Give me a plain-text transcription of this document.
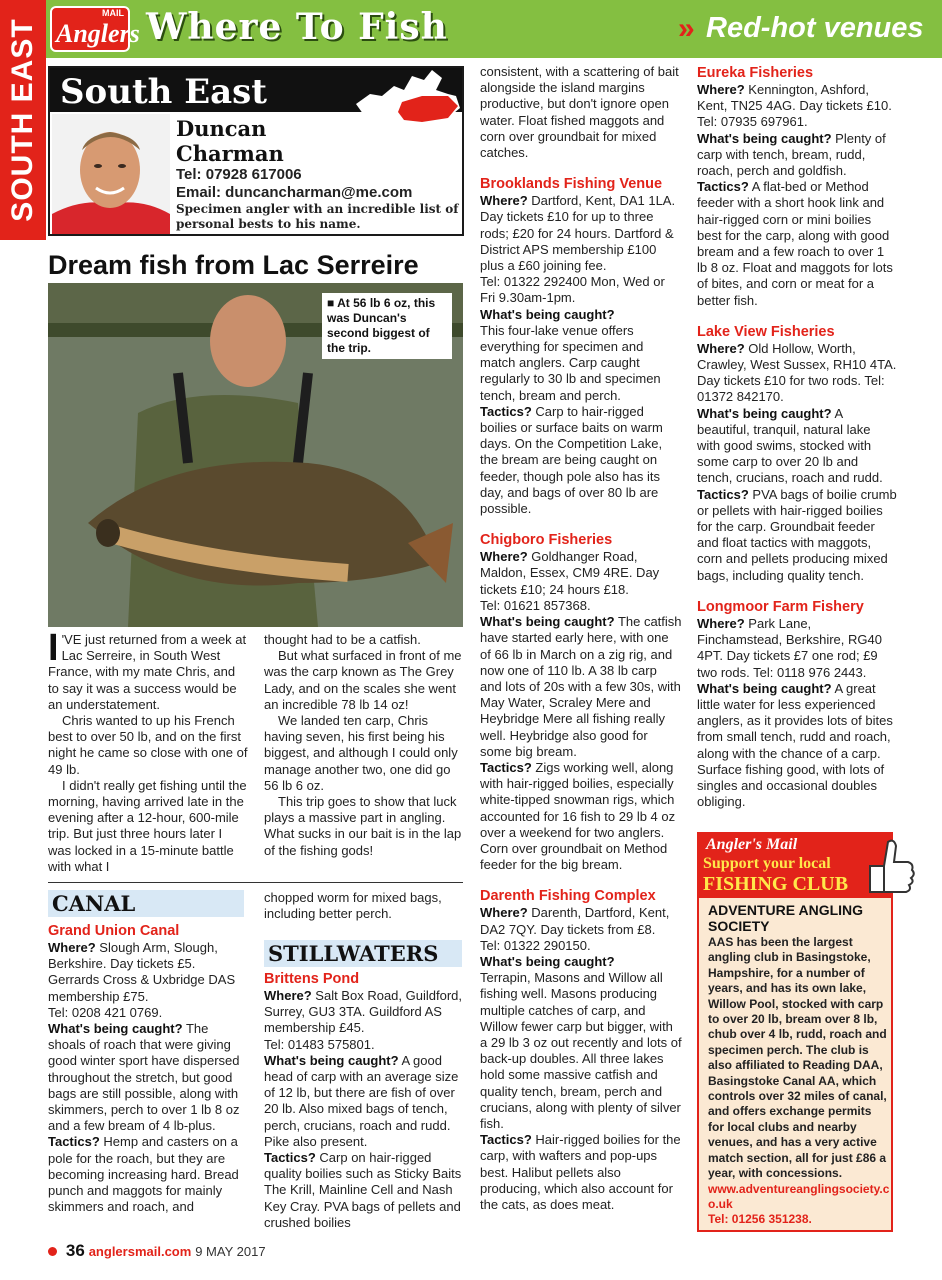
SOUTH EAST
MAIL
Anglers Where To Fish	» Red-hot venues
South East
Duncan
Charman
Tel: 07928 617006
Email: duncancharman@me.com
Specimen angler with an incredible list of personal bests to his name.
Dream fish from Lac Serreire
■ At 56 lb 6 oz, this was Duncan's second biggest of the trip.
I 'VE just returned from a week at Lac Serreire, in South West France, with my mate Chris, and to say it was a success would be an understatement.

Chris wanted to up his French best to over 50 lb, and on the first night he came so close with one of 49 lb.

I didn't really get fishing until the morning, having arrived late in the evening after a 12-hour, 600-mile trip. But just three hours later I was locked in a 15-minute battle with what I

thought had to be a catfish.

But what surfaced in front of me was the carp known as The Grey Lady, and on the scales she went an incredible 78 lb 14 oz!

We landed ten carp, Chris having seven, his first being his biggest, and although I could only manage another two, one did go 56 lb 6 oz.

This trip goes to show that luck plays a massive part in angling. What sucks in our bait is in the lap of the fishing gods!

CANAL
Grand Union Canal

Where? Slough Arm, Slough, Berkshire. Day tickets £5. Gerrards Cross & Uxbridge DAS membership £75.

Tel: 0208 421 0769.

What's being caught? The shoals of roach that were giving good winter sport have dispersed throughout the stretch, but good bags are still possible, along with skimmers, perch to over 1 lb 8 oz and a few bream of 4 lb-plus.

Tactics? Hemp and casters on a pole for the roach, but they are becoming increasing hard. Bread punch and maggots for mainly skimmers and roach, and

chopped worm for mixed bags, including better perch.

STILLWATERS
Brittens Pond

Where? Salt Box Road, Guildford, Surrey, GU3 3TA. Guildford AS membership £45.

Tel: 01483 575801.

What's being caught? A good head of carp with an average size of 12 lb, but there are fish of over 20 lb. Also mixed bags of tench, perch, crucians, roach and rudd. Pike also present.

Tactics? Carp on hair-rigged quality boilies such as Sticky Baits The Krill, Mainline Cell and Nash Key Cray. PVA bags of pellets and crushed boilies

consistent, with a scattering of bait alongside the island margins productive, but don't ignore open water. Float fished maggots and corn over groundbait for mixed catches.

Brooklands Fishing Venue

Where? Dartford, Kent, DA1 1LA. Day tickets £10 for up to three rods; £20 for 24 hours. Dartford & District APS membership £100 plus a £60 joining fee.

Tel: 01322 292400 Mon, Wed or Fri 9.30am-1pm.

What's being caught?

This four-lake venue offers everything for specimen and match anglers. Carp caught regularly to 30 lb and specimen tench, bream and perch.

Tactics? Carp to hair-rigged boilies or surface baits on warm days. On the Competition Lake, the bream are being caught on feeder, though pole also has its day, and bags of over 80 lb are possible.

Chigboro Fisheries

Where? Goldhanger Road, Maldon, Essex, CM9 4RE. Day tickets £10; 24 hours £18.

Tel: 01621 857368.

What's being caught? The catfish have started early here, with one of 66 lb in March on a zig rig, and now one of 110 lb. A 38 lb carp and lots of 20s with a few 30s, with May Water, Scraley Mere and Heybridge Mere all fishing really well. Heybridge also good for some big bream.

Tactics? Zigs working well, along with hair-rigged boilies, especially white-tipped snowman rigs, which accounted for 16 fish to 29 lb 4 oz over a weekend for two anglers. Corn over groundbait on Method feeder for the big bream.

Darenth Fishing Complex

Where? Darenth, Dartford, Kent, DA2 7QY. Day tickets from £8.

Tel: 01322 290150.

What's being caught?

Terrapin, Masons and Willow all fishing well. Masons producing multiple catches of carp, and Willow fewer carp but bigger, with a 29 lb 3 oz out recently and lots of back-up doubles. All three lakes hold some massive catfish and quality tench, bream, perch and crucians, along with plenty of silver fish.

Tactics? Hair-rigged boilies for the carp, with wafters and pop-ups best. Halibut pellets also producing, which also account for the cats, as does meat.

Eureka Fisheries

Where? Kennington, Ashford, Kent, TN25 4AG. Day tickets £10. Tel: 07935 697961.

What's being caught? Plenty of carp with tench, bream, rudd, roach, perch and goldfish.

Tactics? A flat-bed or Method feeder with a short hook link and hair-rigged corn or mini boilies best for the carp, along with good bream and a few roach to over 1 lb 8 oz. Float and maggots for lots of bites, and corn or meat for a better fish.

Lake View Fisheries

Where? Old Hollow, Worth, Crawley, West Sussex, RH10 4TA. Day tickets £10 for two rods. Tel: 01372 842170.

What's being caught? A beautiful, tranquil, natural lake with good swims, stocked with some carp to over 20 lb and tench, crucians, roach and rudd.

Tactics? PVA bags of boilie crumb or pellets with hair-rigged boilies for the carp. Groundbait feeder and float tactics with maggots, corn and pellets producing mixed bags, including quality tench.

Longmoor Farm Fishery

Where? Park Lane, Finchamstead, Berkshire, RG40 4PT. Day tickets £7 one rod; £9 two rods. Tel: 0118 976 2443.

What's being caught? A great little water for less experienced anglers, as it provides lots of bites from small tench, rudd and roach, along with the chance of a carp. Surface fishing good, with lots of singles and occasional doubles obliging.

Angler's Mail
Support your local
FISHING CLUB
ADVENTURE ANGLING SOCIETY

AAS has been the largest angling club in Basingstoke, Hampshire, for a number of years, and has its own lake, Willow Pool, stocked with carp to over 20 lb, bream over 8 lb, chub over 4 lb, rudd, roach and specimen perch. The club is also affiliated to Reading DAA, Basingstoke Canal AA, which controls over 32 miles of canal, and offers exchange permits for local clubs and nearby venues, and has a very active match section, all for just £86 a year, with concessions.

www.adventureanglingsociety.co.uk

Tel: 01256 351238.

36 anglersmail.com 9 MAY 2017
